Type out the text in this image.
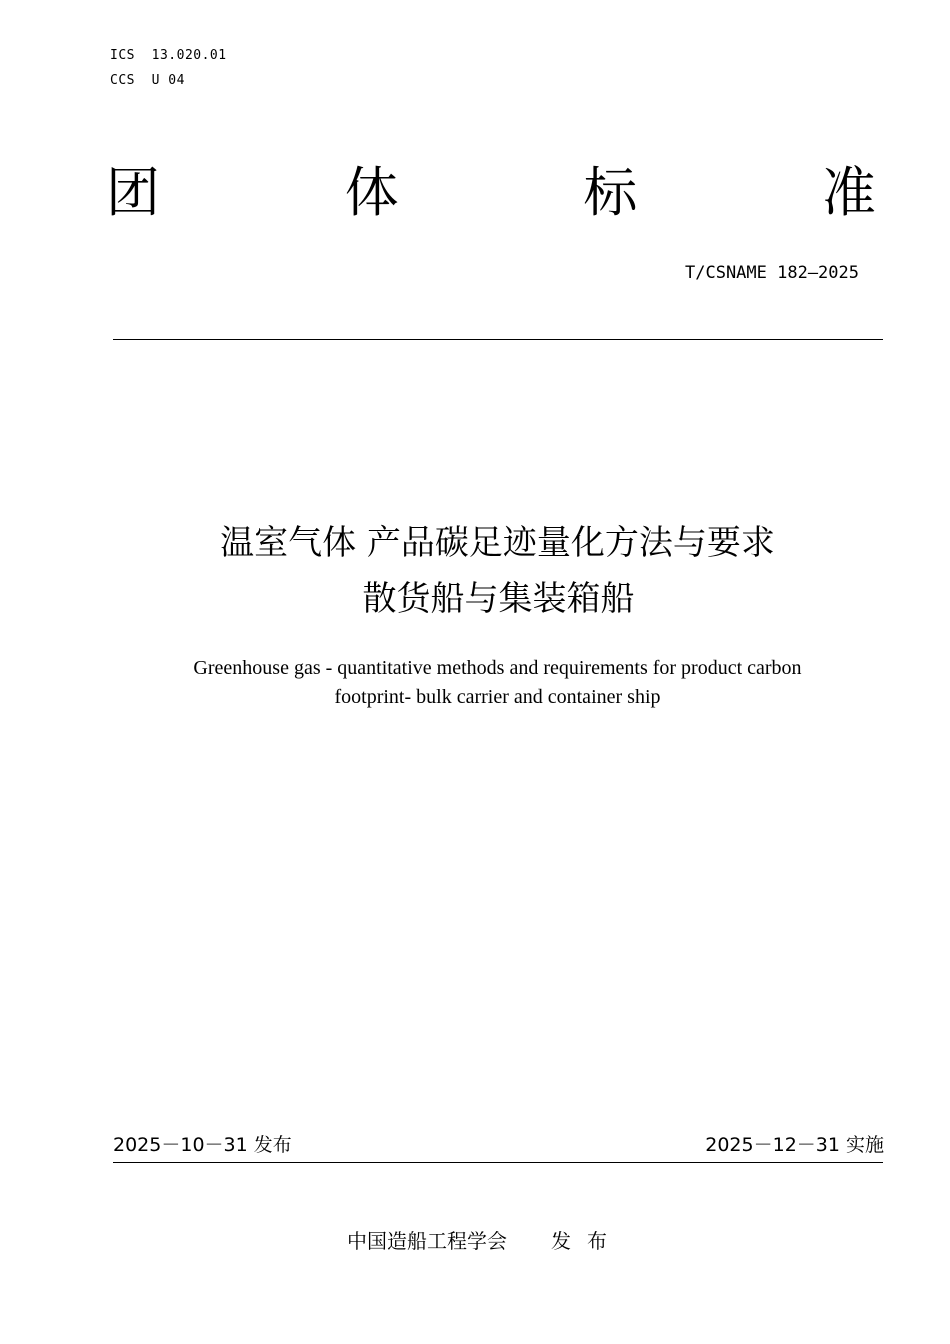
ICS  13.020.01
CCS  U 04
团	体	标	准
T/CSNAME 182—2025
温室气体 产品碳足迹量化方法与要求
散货船与集装箱船
Greenhouse gas - quantitative methods and requirements for product carbon
footprint- bulk carrier and container ship
2025－10－31 发布	2025－12－31 实施
中国造船工程学会 发 布
